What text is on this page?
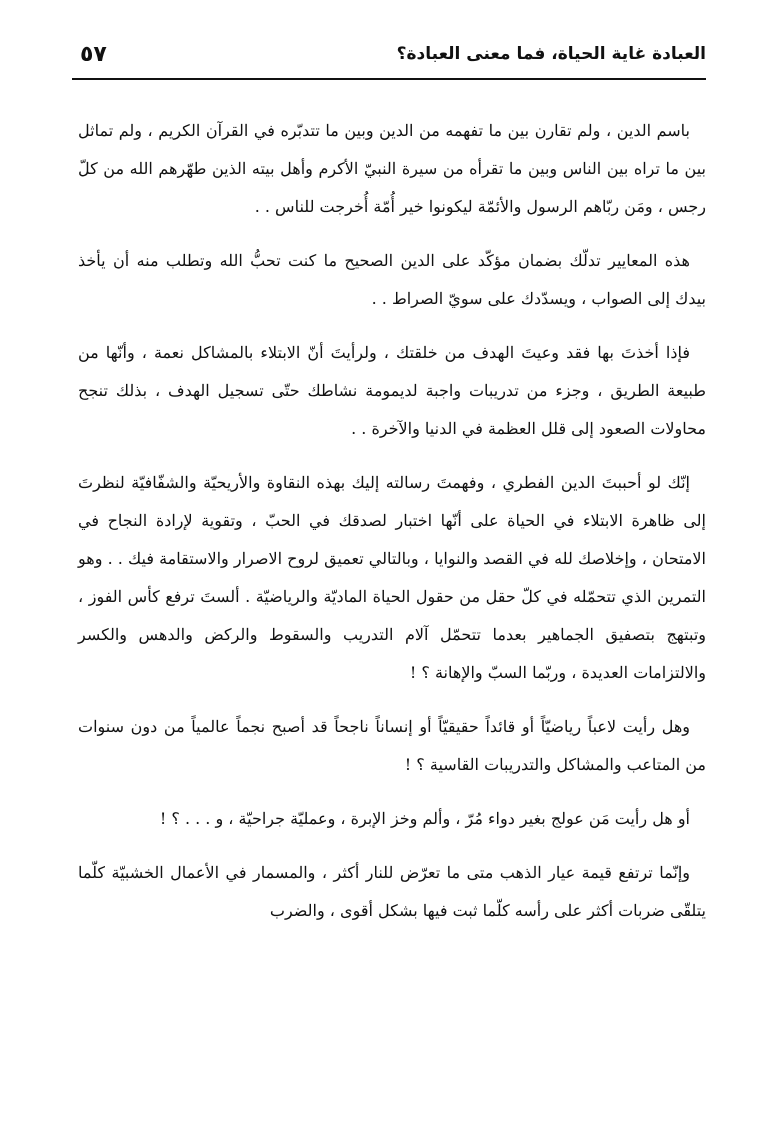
٥٧	العبادة غاية الحياة، فما معنى العبادة؟

باسم الدين ، ولم تقارن بين ما تفهمه من الدين وبين ما تتدبّره في القرآن الكريم ، ولم تماثل بين ما تراه بين الناس وبين ما تقرأه من سيرة النبيّ الأكرم وأهل بيته الذين طهّرهم الله من كلّ رجس ، ومَن ربّاهم الرسول والأئمّة ليكونوا خير أُمّة أُخرجت للناس . .

هذه المعايير تدلّك بضمان مؤكّد على الدين الصحيح ما كنت تحبُّ الله وتطلب منه أن يأخذ بيدك إلى الصواب ، ويسدّدك على سويّ الصراط . .

فإذا أخذتَ بها فقد وعيتَ الهدف من خلقتك ، ولرأيتَ أنّ الابتلاء بالمشاكل نعمة ، وأنّها من طبيعة الطريق ، وجزء من تدريبات واجبة لديمومة نشاطك حتّى تسجيل الهدف ، بذلك تنجح محاولات الصعود إلى قلل العظمة في الدنيا والآخرة . .

إنّك لو أحببتَ الدين الفطري ، وفهمتَ رسالته إليك بهذه النقاوة والأريحيّة والشفّافيّة لنظرتَ إلى ظاهرة الابتلاء في الحياة على أنّها اختبار لصدقك في الحبّ ، وتقوية لإرادة النجاح في الامتحان ، وإخلاصك لله في القصد والنوايا ، وبالتالي تعميق لروح الاصرار والاستقامة فيك . . وهو التمرين الذي تتحمّله في كلّ حقل من حقول الحياة الماديّة والرياضيّة . ألستَ ترفع كأس الفوز ، وتبتهج بتصفيق الجماهير بعدما تتحمّل آلام التدريب والسقوط والركض والدهس والكسر والالتزامات العديدة ، وربّما السبّ والإهانة ؟ !

وهل رأيت لاعباً رياضيّاً أو قائداً حقيقيّاً أو إنساناً ناجحاً قد أصبح نجماً عالمياً من دون سنوات من المتاعب والمشاكل والتدريبات القاسية ؟ !

أو هل رأيت مَن عولج بغير دواء مُرّ ، وألم وخز الإبرة ، وعمليّة جراحيّة ، و . . . ؟ !

وإنّما ترتفع قيمة عيار الذهب متى ما تعرّض للنار أكثر ، والمسمار في الأعمال الخشبيّة كلّما يتلقّى ضربات أكثر على رأسه كلّما ثبت فيها بشكل أقوى ، والضرب
